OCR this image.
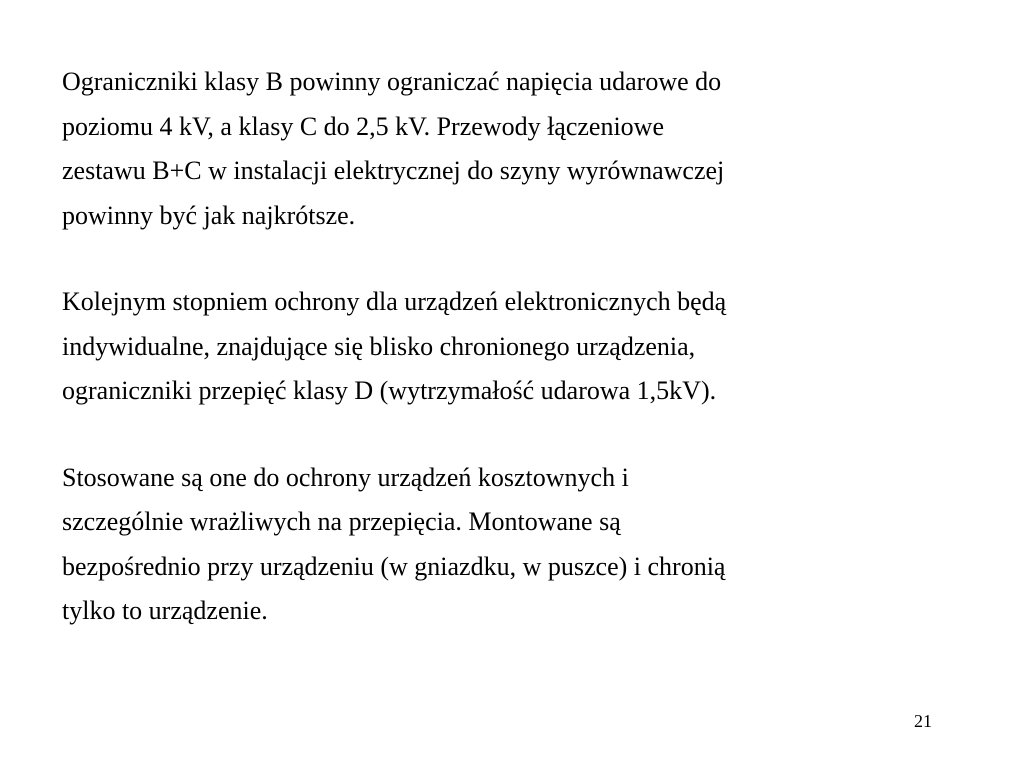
Ograniczniki klasy B powinny ograniczać napięcia udarowe do
poziomu 4 kV, a klasy C do 2,5 kV. Przewody łączeniowe
zestawu B+C w instalacji elektrycznej do szyny wyrównawczej
powinny być jak najkrótsze.

Kolejnym stopniem ochrony dla urządzeń elektronicznych będą
indywidualne, znajdujące się blisko chronionego urządzenia,
ograniczniki przepięć klasy D (wytrzymałość udarowa 1,5kV).

Stosowane są one do ochrony urządzeń kosztownych i
szczególnie wrażliwych na przepięcia. Montowane są
bezpośrednio przy urządzeniu (w gniazdku, w puszce) i chronią
tylko to urządzenie.

21
